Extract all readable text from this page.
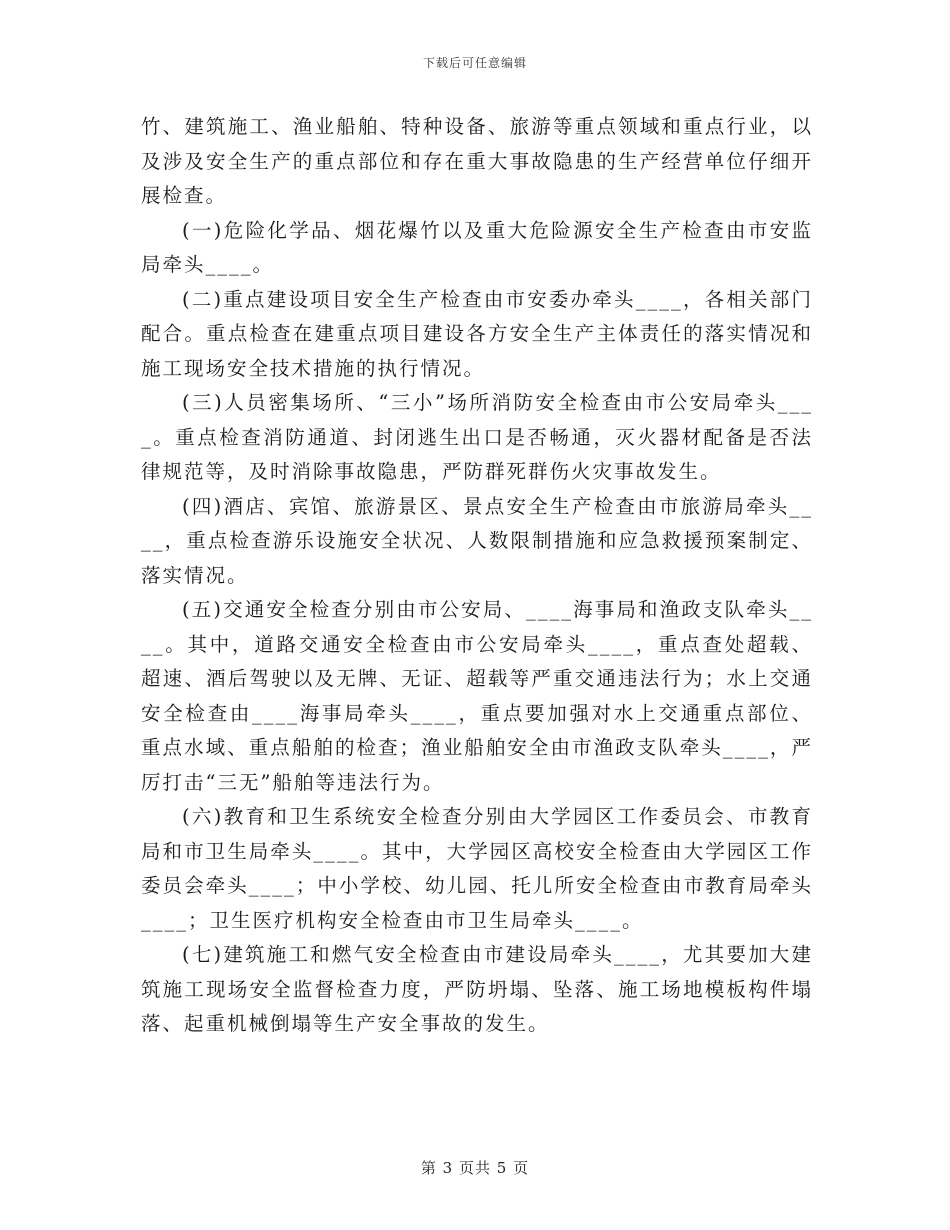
下载后可任意编辑

竹、建筑施工、渔业船舶、特种设备、旅游等重点领域和重点行业，以及涉及安全生产的重点部位和存在重大事故隐患的生产经营单位仔细开展检查。

(一)危险化学品、烟花爆竹以及重大危险源安全生产检查由市安监局牵头____。

(二)重点建设项目安全生产检查由市安委办牵头____，各相关部门配合。重点检查在建重点项目建设各方安全生产主体责任的落实情况和施工现场安全技术措施的执行情况。

(三)人员密集场所、“三小”场所消防安全检查由市公安局牵头____。重点检查消防通道、封闭逃生出口是否畅通，灭火器材配备是否法律规范等，及时消除事故隐患，严防群死群伤火灾事故发生。

(四)酒店、宾馆、旅游景区、景点安全生产检查由市旅游局牵头____，重点检查游乐设施安全状况、人数限制措施和应急救援预案制定、落实情况。

(五)交通安全检查分别由市公安局、____海事局和渔政支队牵头____。其中，道路交通安全检查由市公安局牵头____，重点查处超载、超速、酒后驾驶以及无牌、无证、超载等严重交通违法行为；水上交通安全检查由____海事局牵头____，重点要加强对水上交通重点部位、重点水域、重点船舶的检查；渔业船舶安全由市渔政支队牵头____，严厉打击“三无”船舶等违法行为。

(六)教育和卫生系统安全检查分别由大学园区工作委员会、市教育局和市卫生局牵头____。其中，大学园区高校安全检查由大学园区工作委员会牵头____；中小学校、幼儿园、托儿所安全检查由市教育局牵头____；卫生医疗机构安全检查由市卫生局牵头____。

(七)建筑施工和燃气安全检查由市建设局牵头____，尤其要加大建筑施工现场安全监督检查力度，严防坍塌、坠落、施工场地模板构件塌落、起重机械倒塌等生产安全事故的发生。

第 3 页共 5 页
